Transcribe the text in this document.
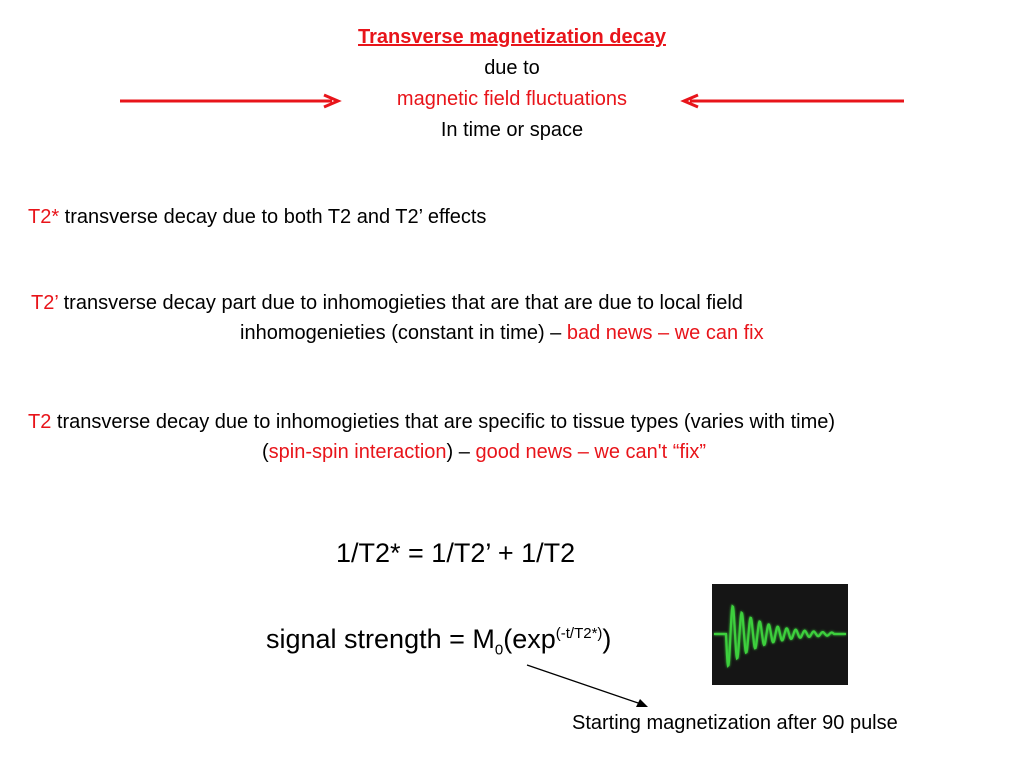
Transverse magnetization decay
due to
magnetic field fluctuations
In time or space
T2* transverse decay due to both T2 and T2’ effects
T2’ transverse decay part due to inhomogieties that are that are due to local field
inhomogenieties (constant in time) – bad news – we can fix
T2 transverse decay due to inhomogieties that are specific to tissue types (varies with time)
(spin-spin interaction) – good news – we can't “fix”
1/T2* = 1/T2’ + 1/T2
signal strength = $M_0(\exp^{(-t/T2*)})$
Starting magnetization after 90 pulse
